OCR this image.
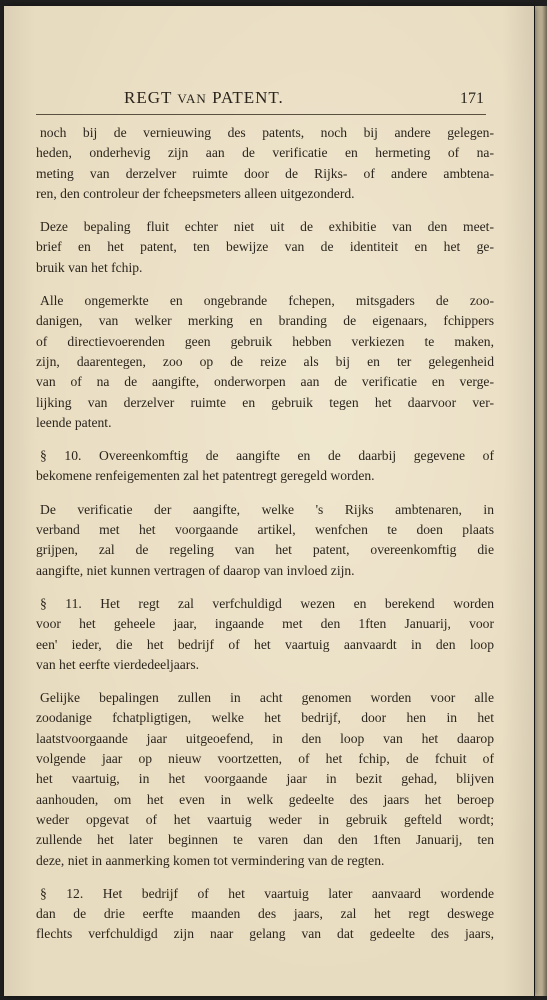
REGT VAN PATENT.	171
noch bij de vernieuwing des patents, noch bij andere gelegen-
heden, onderhevig zijn aan de verificatie en hermeting of na-
meting van derzelver ruimte door de Rijks- of andere ambtena-
ren, den controleur der fcheepsmeters alleen uitgezonderd.
Deze bepaling fluit echter niet uit de exhibitie van den meet-
brief en het patent, ten bewijze van de identiteit en het ge-
bruik van het fchip.
Alle ongemerkte en ongebrande fchepen, mitsgaders de zoo-
danigen, van welker merking en branding de eigenaars, fchippers
of directievoerenden geen gebruik hebben verkiezen te maken,
zijn, daarentegen, zoo op de reize als bij en ter gelegenheid
van of na de aangifte, onderworpen aan de verificatie en verge-
lijking van derzelver ruimte en gebruik tegen het daarvoor ver-
leende patent.
§ 10. Overeenkomftig de aangifte en de daarbij gegevene of
bekomene renfeigementen zal het patentregt geregeld worden.
De verificatie der aangifte, welke 's Rijks ambtenaren, in
verband met het voorgaande artikel, wenfchen te doen plaats
grijpen, zal de regeling van het patent, overeenkomftig die
aangifte, niet kunnen vertragen of daarop van invloed zijn.
§ 11. Het regt zal verfchuldigd wezen en berekend worden
voor het geheele jaar, ingaande met den 1ften Januarij, voor
een' ieder, die het bedrijf of het vaartuig aanvaardt in den loop
van het eerfte vierdedeeljaars.
Gelijke bepalingen zullen in acht genomen worden voor alle
zoodanige fchatpligtigen, welke het bedrijf, door hen in het
laatstvoorgaande jaar uitgeoefend, in den loop van het daarop
volgende jaar op nieuw voortzetten, of het fchip, de fchuit of
het vaartuig, in het voorgaande jaar in bezit gehad, blijven
aanhouden, om het even in welk gedeelte des jaars het beroep
weder opgevat of het vaartuig weder in gebruik gefteld wordt;
zullende het later beginnen te varen dan den 1ften Januarij, ten
deze, niet in aanmerking komen tot vermindering van de regten.
§ 12. Het bedrijf of het vaartuig later aanvaard wordende
dan de drie eerfte maanden des jaars, zal het regt deswege
flechts verfchuldigd zijn naar gelang van dat gedeelte des jaars,
